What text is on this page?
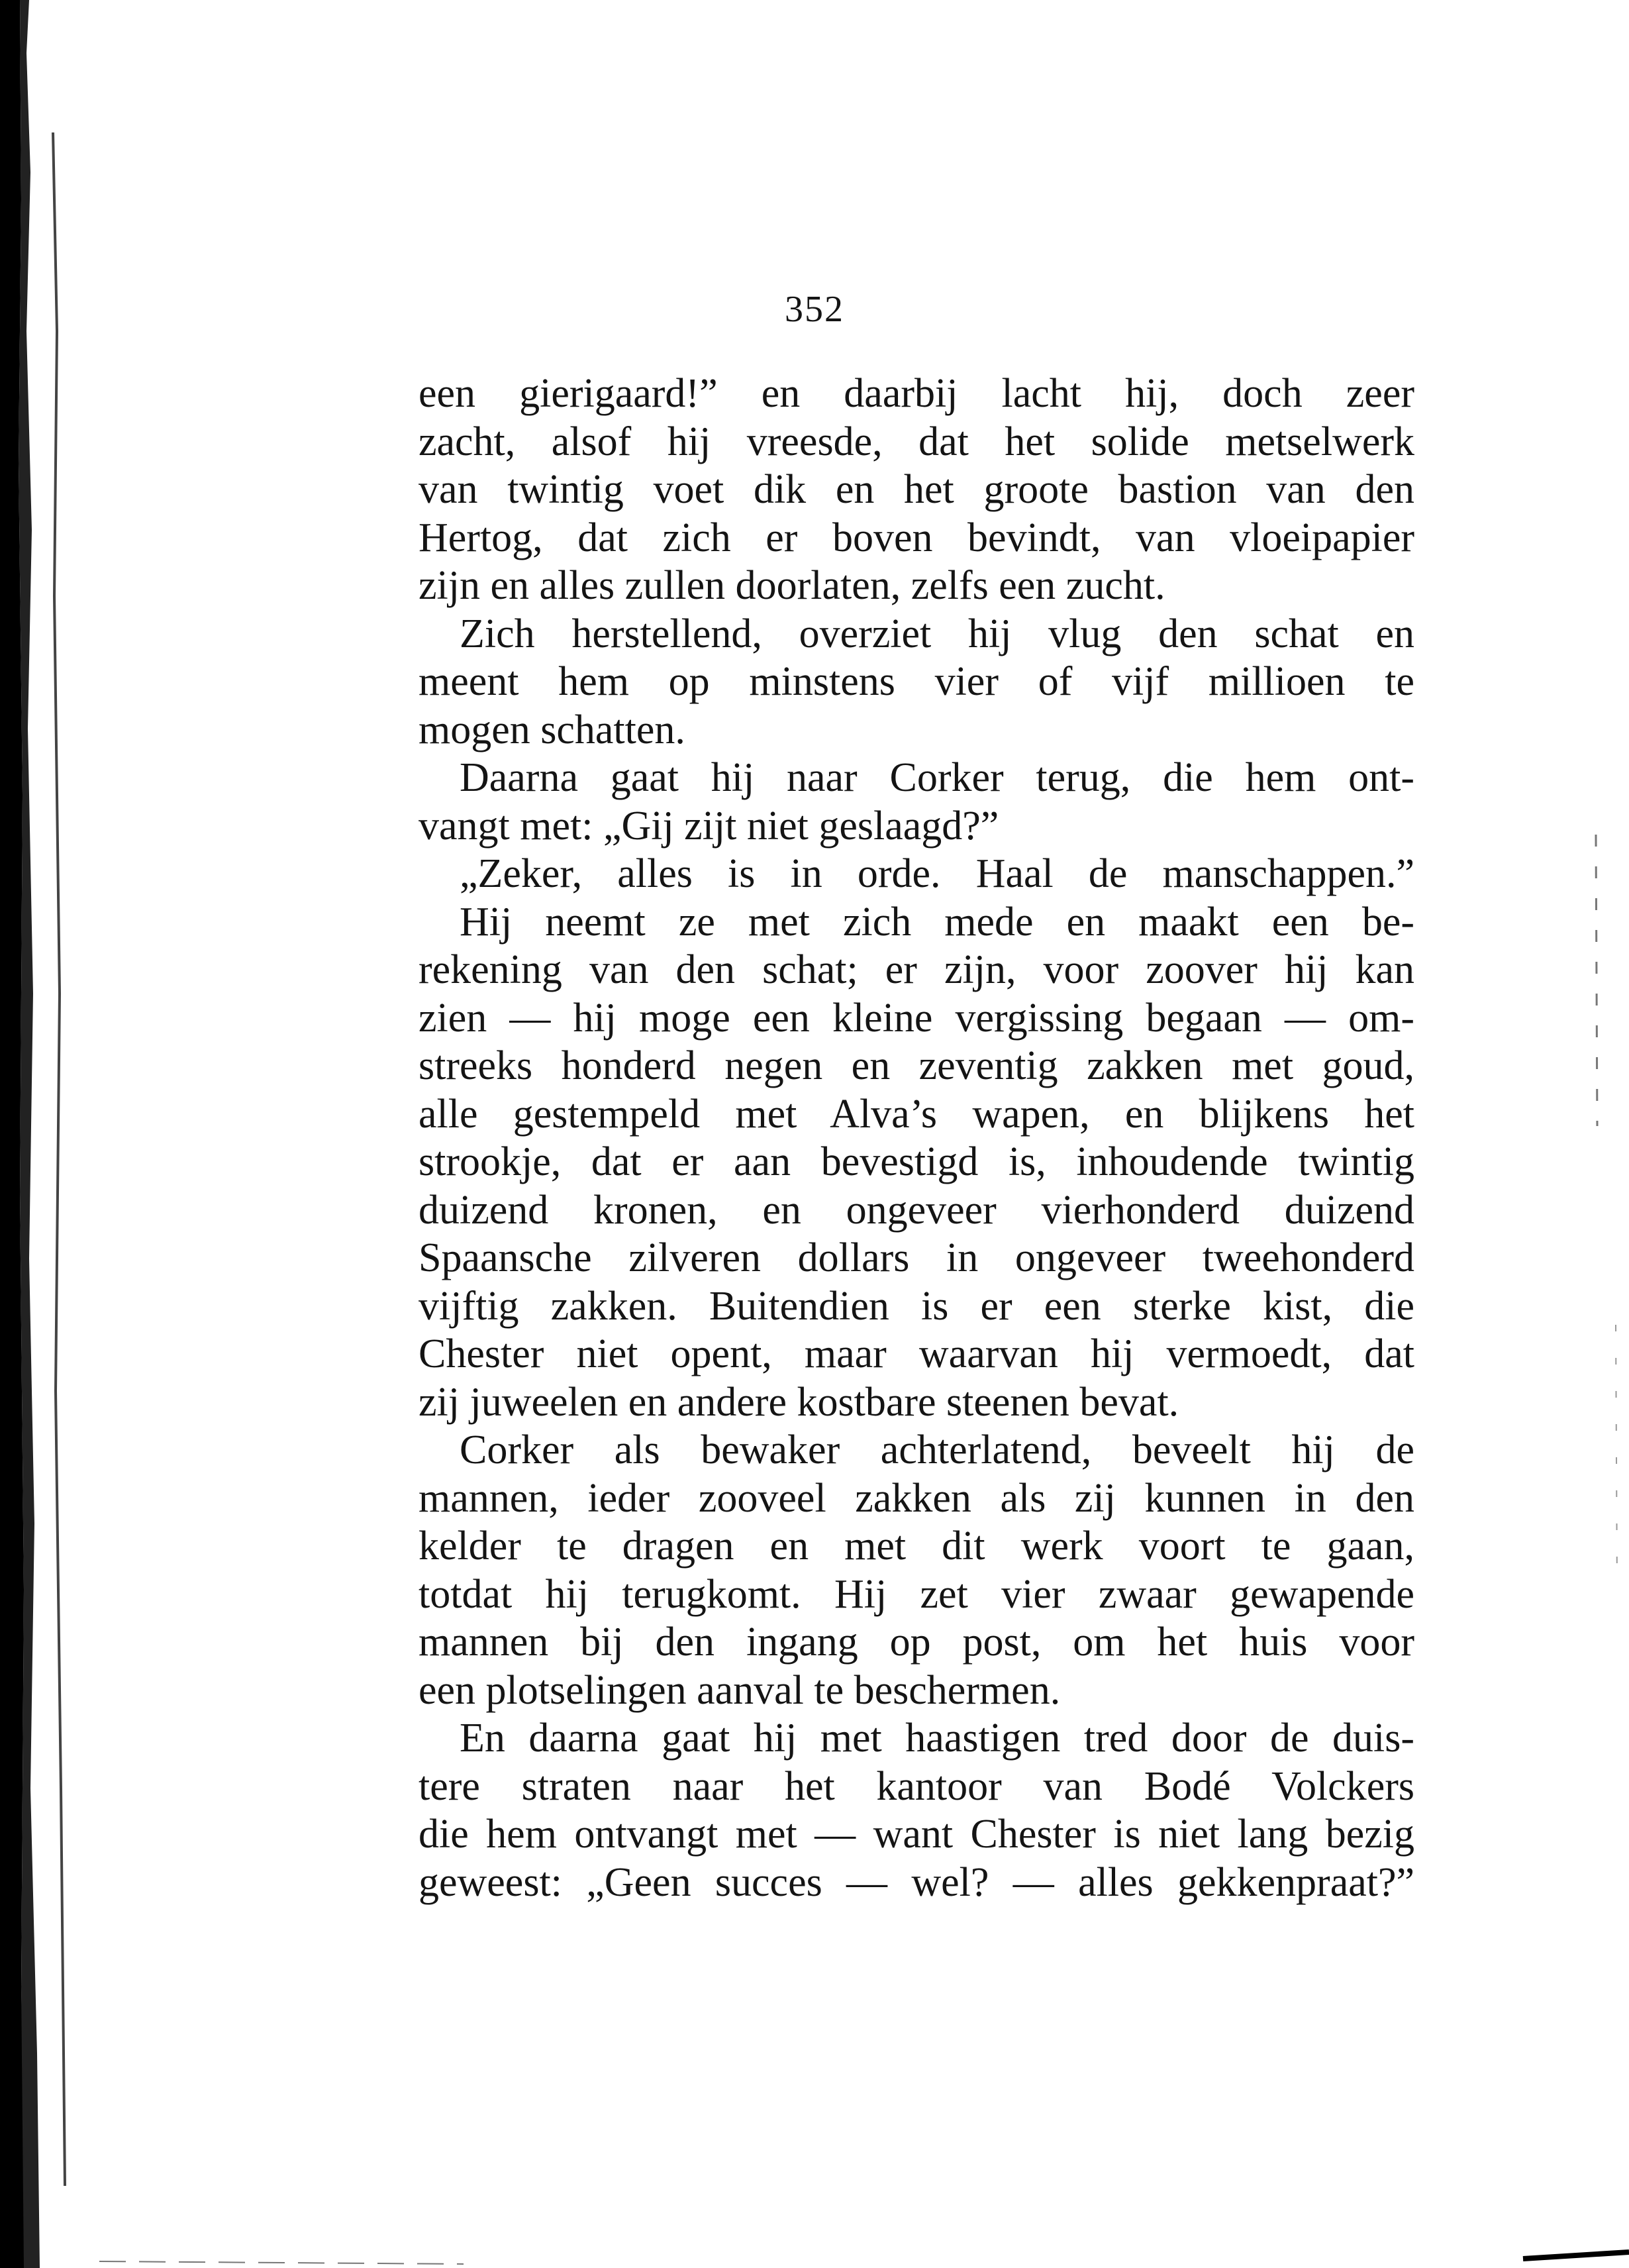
352
een gierigaard!” en daarbij lacht hij, doch zeer
zacht, alsof hij vreesde, dat het solide metselwerk
van twintig voet dik en het groote bastion van den
Hertog, dat zich er boven bevindt, van vloeipapier
zijn en alles zullen doorlaten, zelfs een zucht.
Zich herstellend, overziet hij vlug den schat en
meent hem op minstens vier of vijf millioen te
mogen schatten.
Daarna gaat hij naar Corker terug, die hem ont-
vangt met: „Gij zijt niet geslaagd?”
„Zeker, alles is in orde. Haal de manschappen.”
Hij neemt ze met zich mede en maakt een be-
rekening van den schat; er zijn, voor zoover hij kan
zien — hij moge een kleine vergissing begaan — om-
streeks honderd negen en zeventig zakken met goud,
alle gestempeld met Alva’s wapen, en blijkens het
strookje, dat er aan bevestigd is, inhoudende twintig
duizend kronen, en ongeveer vierhonderd duizend
Spaansche zilveren dollars in ongeveer tweehonderd
vijftig zakken. Buitendien is er een sterke kist, die
Chester niet opent, maar waarvan hij vermoedt, dat
zij juweelen en andere kostbare steenen bevat.
Corker als bewaker achterlatend, beveelt hij de
mannen, ieder zooveel zakken als zij kunnen in den
kelder te dragen en met dit werk voort te gaan,
totdat hij terugkomt. Hij zet vier zwaar gewapende
mannen bij den ingang op post, om het huis voor
een plotselingen aanval te beschermen.
En daarna gaat hij met haastigen tred door de duis-
tere straten naar het kantoor van Bodé Volckers
die hem ontvangt met — want Chester is niet lang bezig
geweest: „Geen succes — wel? — alles gekkenpraat?”
